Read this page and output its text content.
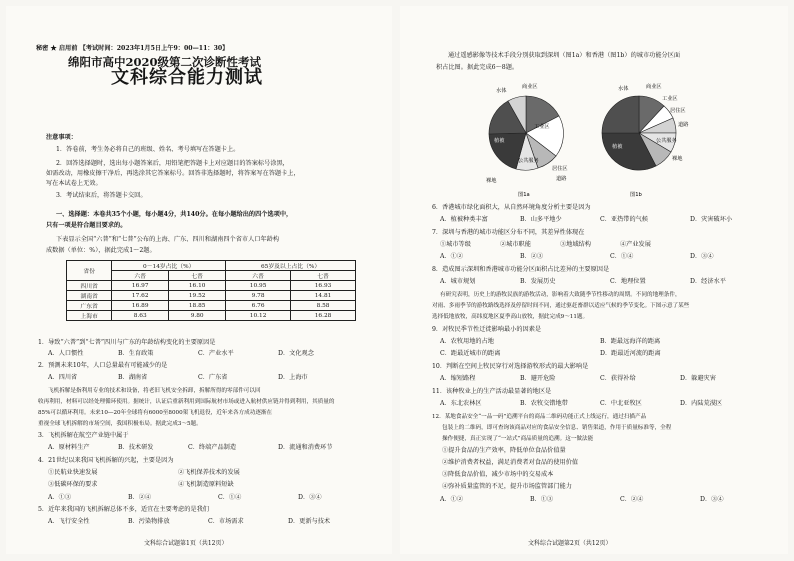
秘密 ★ 启用前 【考试时间：2023年1月5日上午9：00—11：30】
绵阳市高中2020级第二次诊断性考试
文科综合能力测试
注意事项：
1．答卷前，考生务必将自己的班级、姓名、考号填写在答题卡上。
2．回答选择题时，选出每小题答案后，用铅笔把答题卡上对应题目的答案标号涂黑，
如需改动，用橡皮擦干净后，再选涂其它答案标号。回答非选择题时，将答案写在答题卡上，
写在本试卷上无效。
3．考试结束后，将答题卡交回。
一、选择题：本卷共35个小题，每小题4分，共140分。在每小题给出的四个选项中，
只有一项是符合题目要求的。
下表显示全国“六普”和“七普”公布的上海、广东、四川和湖南四个省市人口年龄构
成数据（单位：%），据此完成1～2题。
省份	0－14岁占比（%）		65岁及以上占比（%）	
	六普	七普	六普	七普
四川省	16.97	16.10	10.95	16.93
湖南省	17.62	19.52	9.78	14.81
广东省	16.89	18.85	6.76	8.58
上海市	8.63	9.80	10.12	16.28
1．导致“六普”到“七普”四川与广东的年龄结构变化的主要原因是
A．人口惯性	B．生育政策	C．产业水平	D．文化观念
2．预测未来10年，人口总量最有可能减少的是
A．四川省	B．湖南省	C．广东省	D．上海市
飞机拆解是指利用专业的技术和设备，将老旧飞机安全拆卸，拆解所得的零部件可以回
收再利用，材料可以经处理循环使用。据统计，认证后重新利用到国际航材市场或进入航材供应链并得到利用，其质量的
85%可以循环利用。未来10—20年全球将有6000至8000架飞机退役，近年来各方成功逐渐在
重视全球飞机拆解的市场空间，我国积极布局。据此完成3～5题。
3．飞机拆解在航空产业链中属于
A．原材料生产	B．技术研发	C．终端产品制造	D．流通和消费环节
4．21世纪以来我国飞机拆解的兴起，主要是因为
①民航业快速发展	②飞机保养技术的发展
③低碳环保的要求	④飞机制造原料短缺
A．①③	B．②④	C．①④	D．③④
5．近年来我国的飞机拆解总体不多，适宜在主要考虑的是我们
A．飞行安全性	B．污染物排放	C．市场需求	D．更新与技术
文科综合试题第1页（共12页）
通过遥感影像等技术手段分别获取到深圳（图1a）和香港（图1b）的城市功能分区面
积占比图。据此完成6～8题。
水体
商业区
工业区
植被
公共服务
居住区
裸地	道路
图1a
水体	商业区
工业区
居住区
道路
公共服务
裸地
植被
图1b
6．香港城市绿化面积大，从自然环境角度分析主要是因为
A．植被种类丰富	B．山多平地少	C．亚热带的气候	D．灾害破坏小
7．深圳与香港的城市功能区分布不同，其差异性体现在
①城市等级	②城市职能	③地域结构	④产业发展
A．①②	B．②③	C．①④	D．③④
8．造成图示深圳和香港城市功能分区面积占比差异的主要原因是
A．城市规划	B．发展历史	C．地理位置	D．经济水平
有研究表明，历史上的游牧民族的游牧活动，影响着大致随季节性移动的周期。不同的地理条件，
对雨、多雨季节的游牧路线选择及停留时间不同，通过驱赶畜群以适应气候的季节变化。下图示意了某些
选择低地放牧，高纬度地区夏季高山放牧，据此完成9～11题。
9．对牧民季节性迁徙影响最小的因素是
A．农牧用地的占地	B．距最远海洋的距离
C．距最近城市的距离	D．距最近河流的距离
10．判断在空间上牧民穿行对选择游牧形式的最大影响是
A．缩短路程	B．避开危险	C．获得补给	D．躲避灾害
11．该种牧业上的生产活动最显著的地区是
A．东北农林区	B．农牧交错地带	C．中北亚牧区	D．内陆荒漠区
12．某地食品安全“一品一码”追溯平台的商品二维码功能正式上线运行，通过扫描产品
包装上的二维码，即可查询该商品对应的食品安全信息、销售渠道，作用于质量标准等，全程
操作便捷，真正实现了“一站式”商品质量的追溯。这一做法能
①提升食品的生产效率，降低单位食品价值量
②维护消费者权益，满足消费者对食品的使用价值
③降低食品价值，减少市场中的交易成本
④弥补质量监管的不足，提升市场监管部门能力
A．①②	B．①③	C．②④	D．③④
文科综合试题第2页（共12页）
